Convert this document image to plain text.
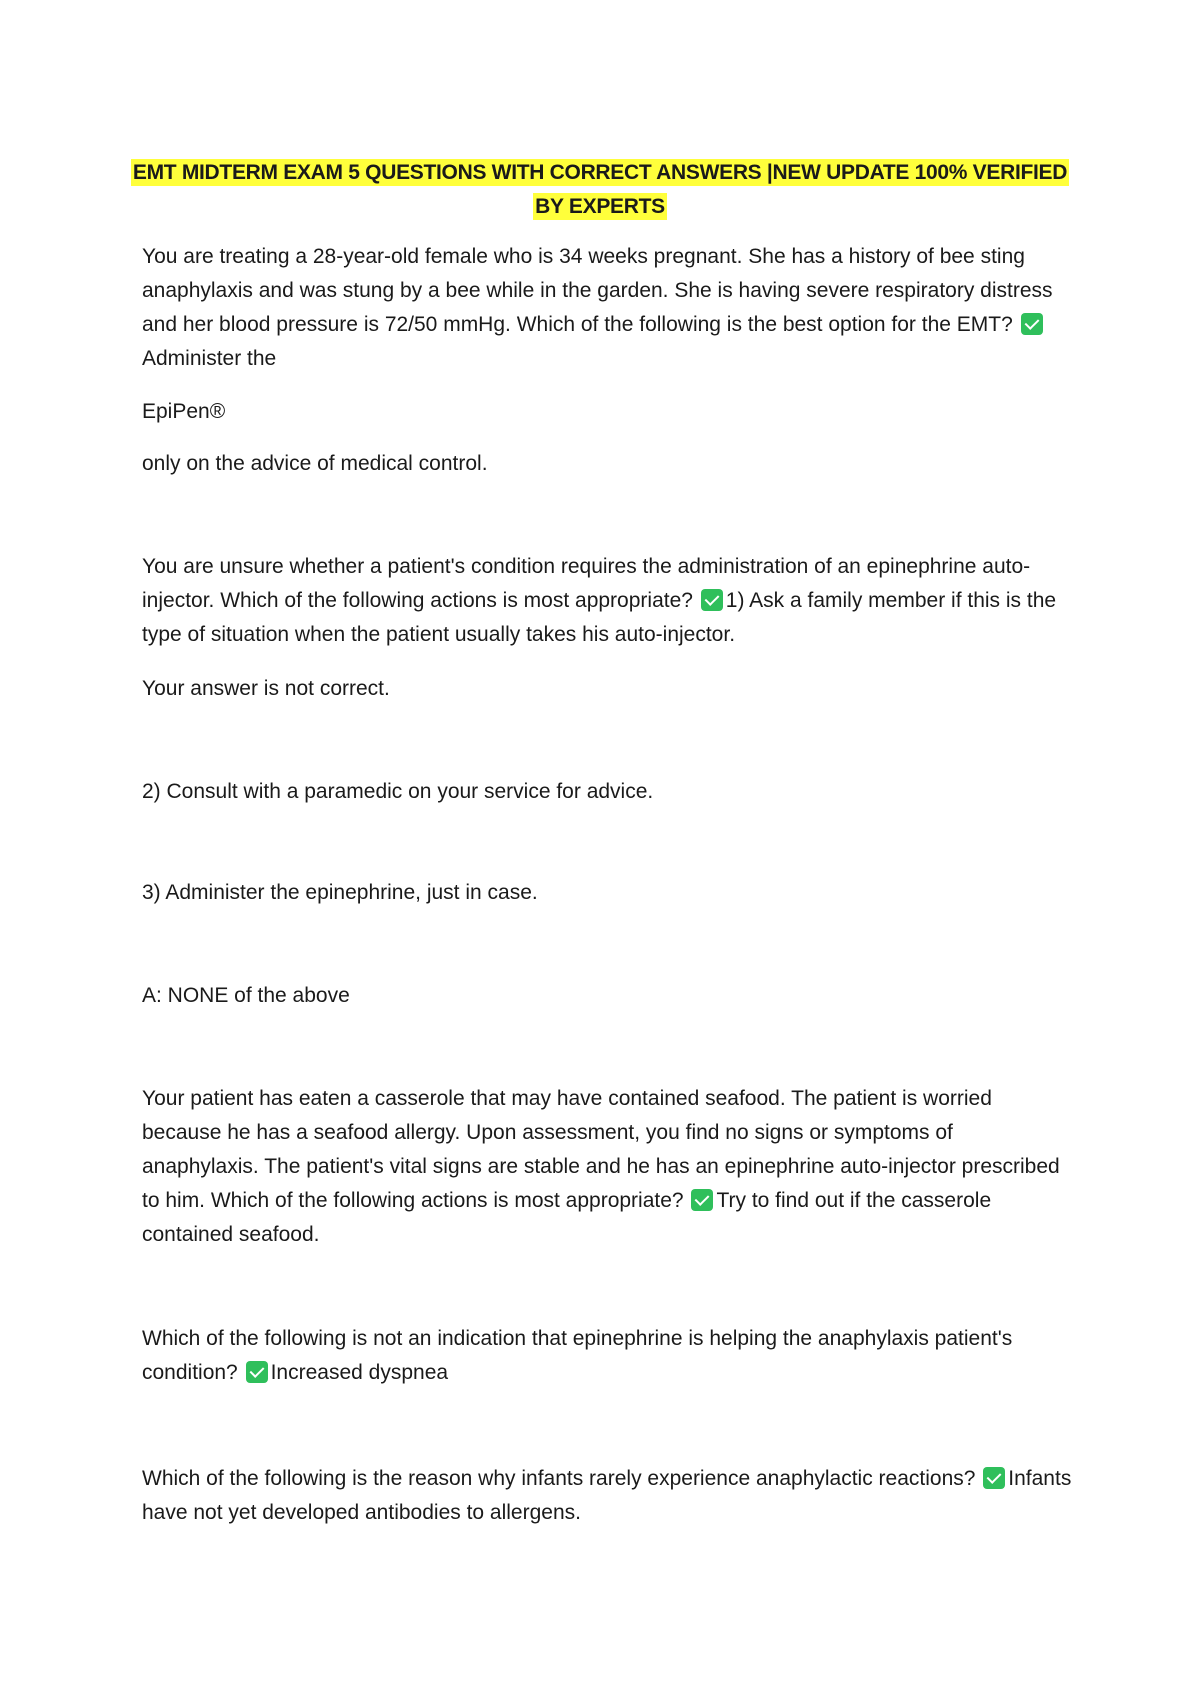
EMT MIDTERM EXAM 5 QUESTIONS WITH CORRECT ANSWERS |NEW UPDATE 100% VERIFIED BY EXPERTS

You are treating a 28-year-old female who is 34 weeks pregnant. She has a history of bee sting anaphylaxis and was stung by a bee while in the garden. She is having severe respiratory distress and her blood pressure is 72/50 mmHg. Which of the following is the best option for the EMT? Administer the

EpiPen®

only on the advice of medical control.

You are unsure whether a patient's condition requires the administration of an epinephrine auto-injector. Which of the following actions is most appropriate? 1) Ask a family member if this is the type of situation when the patient usually takes his auto-injector.

Your answer is not correct.

2) Consult with a paramedic on your service for advice.

3) Administer the epinephrine, just in case.

A: NONE of the above

Your patient has eaten a casserole that may have contained seafood. The patient is worried because he has a seafood allergy. Upon assessment, you find no signs or symptoms of anaphylaxis. The patient's vital signs are stable and he has an epinephrine auto-injector prescribed to him. Which of the following actions is most appropriate? Try to find out if the casserole contained seafood.

Which of the following is not an indication that epinephrine is helping the anaphylaxis patient's condition? Increased dyspnea

Which of the following is the reason why infants rarely experience anaphylactic reactions? Infants have not yet developed antibodies to allergens.
